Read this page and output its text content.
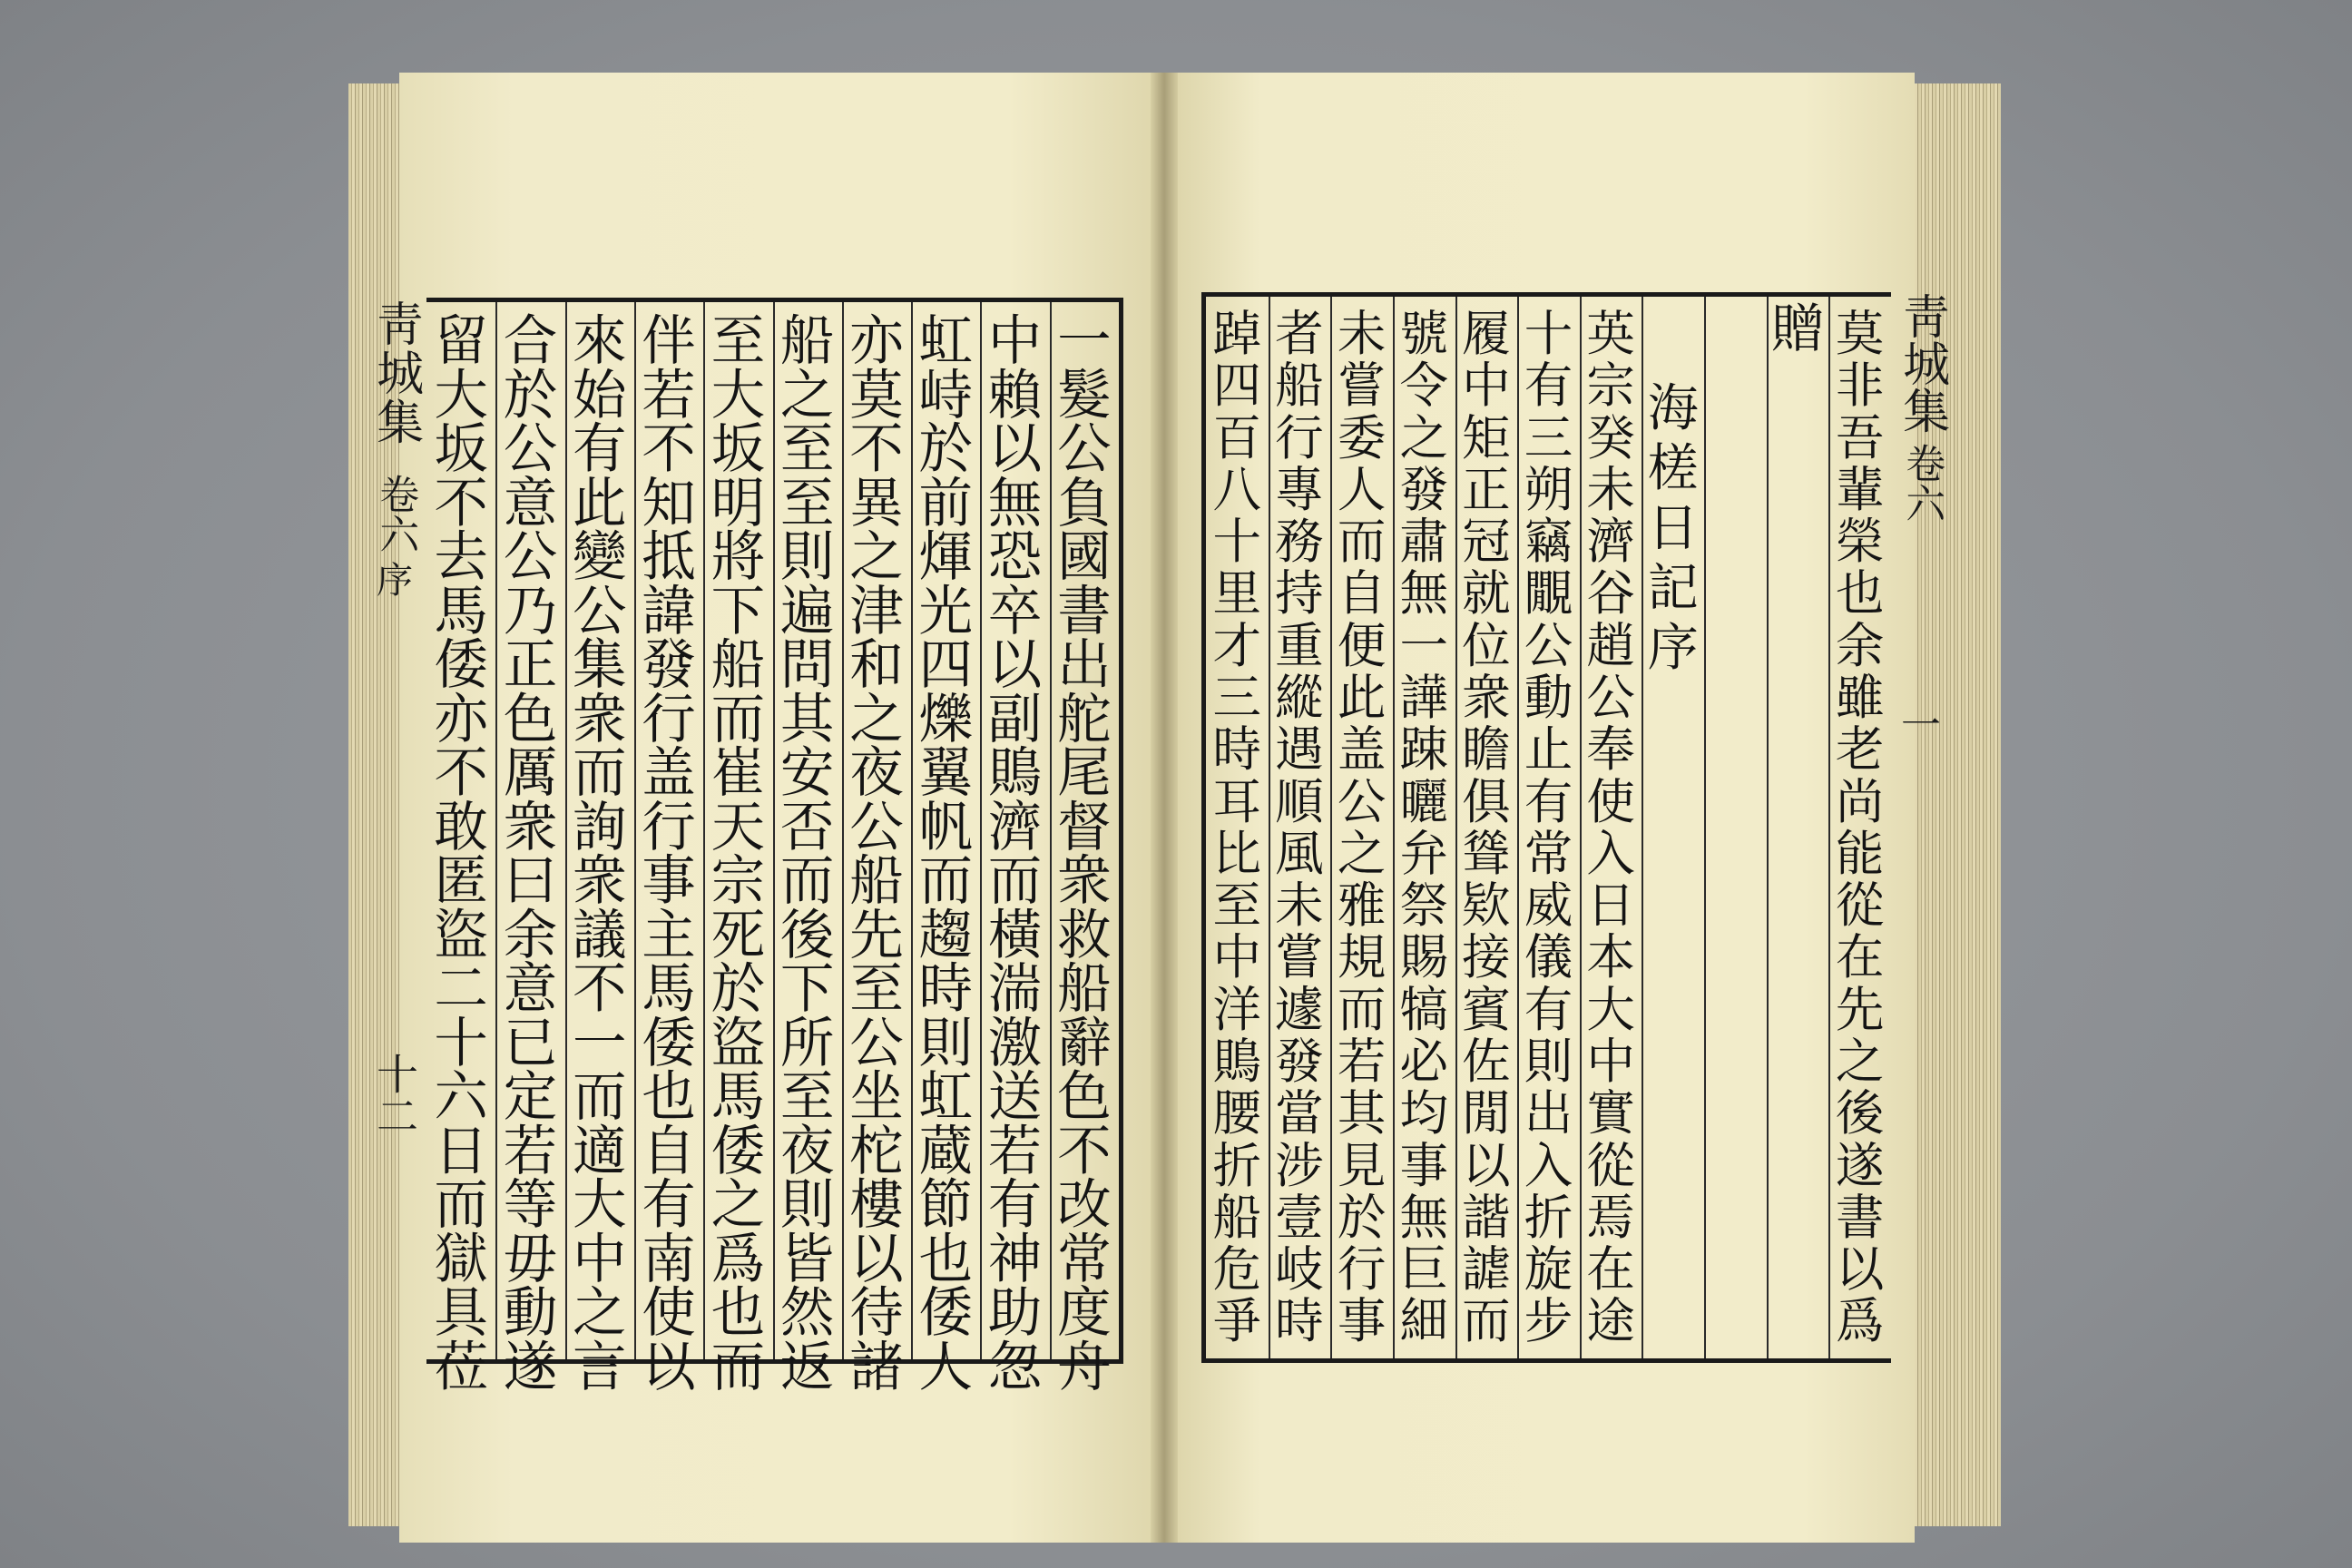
靑城集
卷六
序
十二
一
髮
公
負
國
書
出
舵
尾
督
衆
救
船
辭
色
不
改
常
度
舟
中
賴
以
無
恐
卒
以
副
鵙
濟
而
橫
湍
激
送
若
有
神
助
忽
虹
峙
於
前
煇
光
四
爍
翼
帆
而
趨
時
則
虹
蔵
節
也
倭
人
亦
莫
不
異
之
津
和
之
夜
公
船
先
至
公
坐
柁
樓
以
待
諸
船
之
至
至
則
遍
問
其
安
否
而
後
下
所
至
夜
則
皆
然
返
至
大
坂
明
將
下
船
而
崔
天
宗
死
於
盜
馬
倭
之
爲
也
而
伴
若
不
知
抵
諱
發
行
盖
行
事
主
馬
倭
也
自
有
南
使
以
來
始
有
此
變
公
集
衆
而
詢
衆
議
不
一
而
適
大
中
之
言
合
於
公
意
公
乃
正
色
厲
衆
曰
余
意
已
定
若
等
毋
動
遂
留
大
坂
不
去
馬
倭
亦
不
敢
匿
盜
二
十
六
日
而
獄
具
莅
莫
非
吾
輩
榮
也
余
雖
老
尚
能
從
在
先
之
後
遂
書
以
爲
贈
海
槎
日
記
序
英
宗
癸
未
濟
谷
趙
公
奉
使
入
日
本
大
中
實
從
焉
在
途
十
有
三
朔
竊
覵
公
動
止
有
常
威
儀
有
則
出
入
折
旋
步
履
中
矩
正
冠
就
位
衆
瞻
俱
聳
欵
接
賓
佐
閒
以
諧
謔
而
號
令
之
發
肅
無
一
譁
踈
曬
弁
祭
賜
犒
必
均
事
無
巨
細
未
嘗
委
人
而
自
便
此
盖
公
之
雅
規
而
若
其
見
於
行
事
者
船
行
專
務
持
重
縱
遇
順
風
未
嘗
遽
發
當
涉
壹
岐
時
踔
四
百
八
十
里
才
三
時
耳
比
至
中
洋
鵙
腰
折
船
危
爭
靑城集
卷六
一
